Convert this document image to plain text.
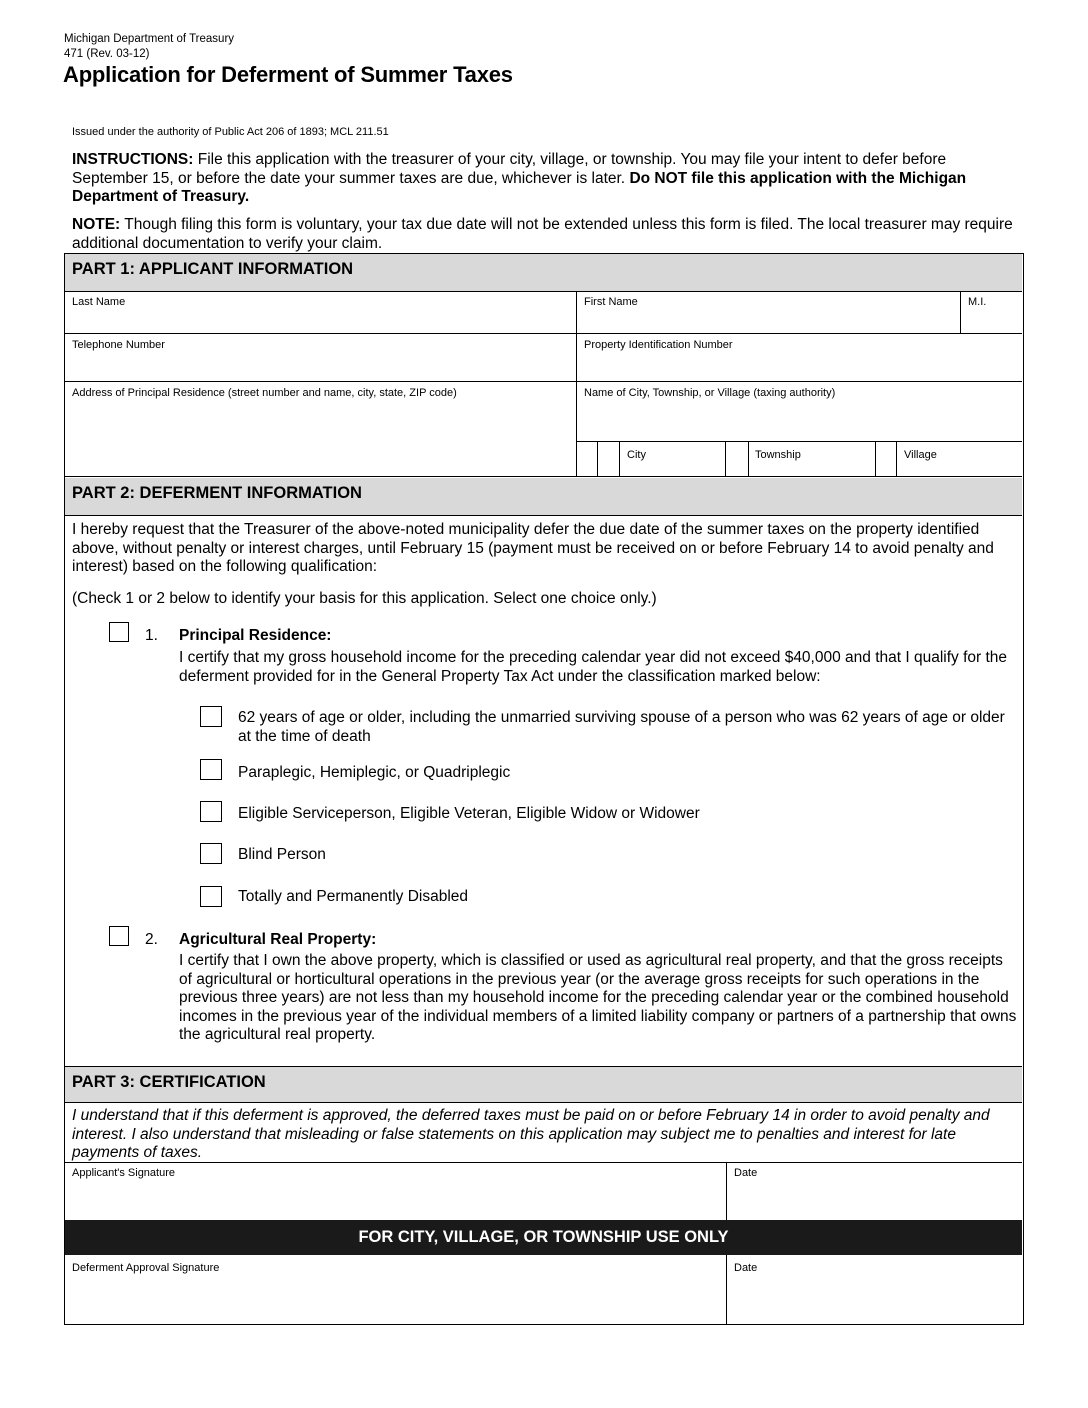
Michigan Department of Treasury
471 (Rev. 03-12)
Application for Deferment of Summer Taxes
Issued under the authority of Public Act 206 of 1893; MCL 211.51
INSTRUCTIONS: File this application with the treasurer of your city, village, or township. You may file your intent to defer before September 15, or before the date your summer taxes are due, whichever is later. Do NOT file this application with the Michigan Department of Treasury.
NOTE: Though filing this form is voluntary, your tax due date will not be extended unless this form is filed. The local treasurer may require additional documentation to verify your claim.
PART 1: APPLICANT INFORMATION
Last Name	First Name	M.I.
Telephone Number	Property Identification Number
Address of Principal Residence (street number and name, city, state, ZIP code)	Name of City, Township, or Village (taxing authority)
City	Township	Village
PART 2: DEFERMENT INFORMATION
I hereby request that the Treasurer of the above-noted municipality defer the due date of the summer taxes on the property identified above, without penalty or interest charges, until February 15 (payment must be received on or before February 14 to avoid penalty and interest) based on the following qualification:
(Check 1 or 2 below to identify your basis for this application. Select one choice only.)
1. Principal Residence:
I certify that my gross household income for the preceding calendar year did not exceed $40,000 and that I qualify for the deferment provided for in the General Property Tax Act under the classification marked below:
62 years of age or older, including the unmarried surviving spouse of a person who was 62 years of age or older at the time of death
Paraplegic, Hemiplegic, or Quadriplegic
Eligible Serviceperson, Eligible Veteran, Eligible Widow or Widower
Blind Person
Totally and Permanently Disabled
2. Agricultural Real Property:
I certify that I own the above property, which is classified or used as agricultural real property, and that the gross receipts of agricultural or horticultural operations in the previous year (or the average gross receipts for such operations in the previous three years) are not less than my household income for the preceding calendar year or the combined household incomes in the previous year of the individual members of a limited liability company or partners of a partnership that owns the agricultural real property.
PART 3: CERTIFICATION
I understand that if this deferment is approved, the deferred taxes must be paid on or before February 14 in order to avoid penalty and interest. I also understand that misleading or false statements on this application may subject me to penalties and interest for late payments of taxes.
Applicant's Signature	Date
FOR CITY, VILLAGE, OR TOWNSHIP USE ONLY
Deferment Approval Signature	Date
